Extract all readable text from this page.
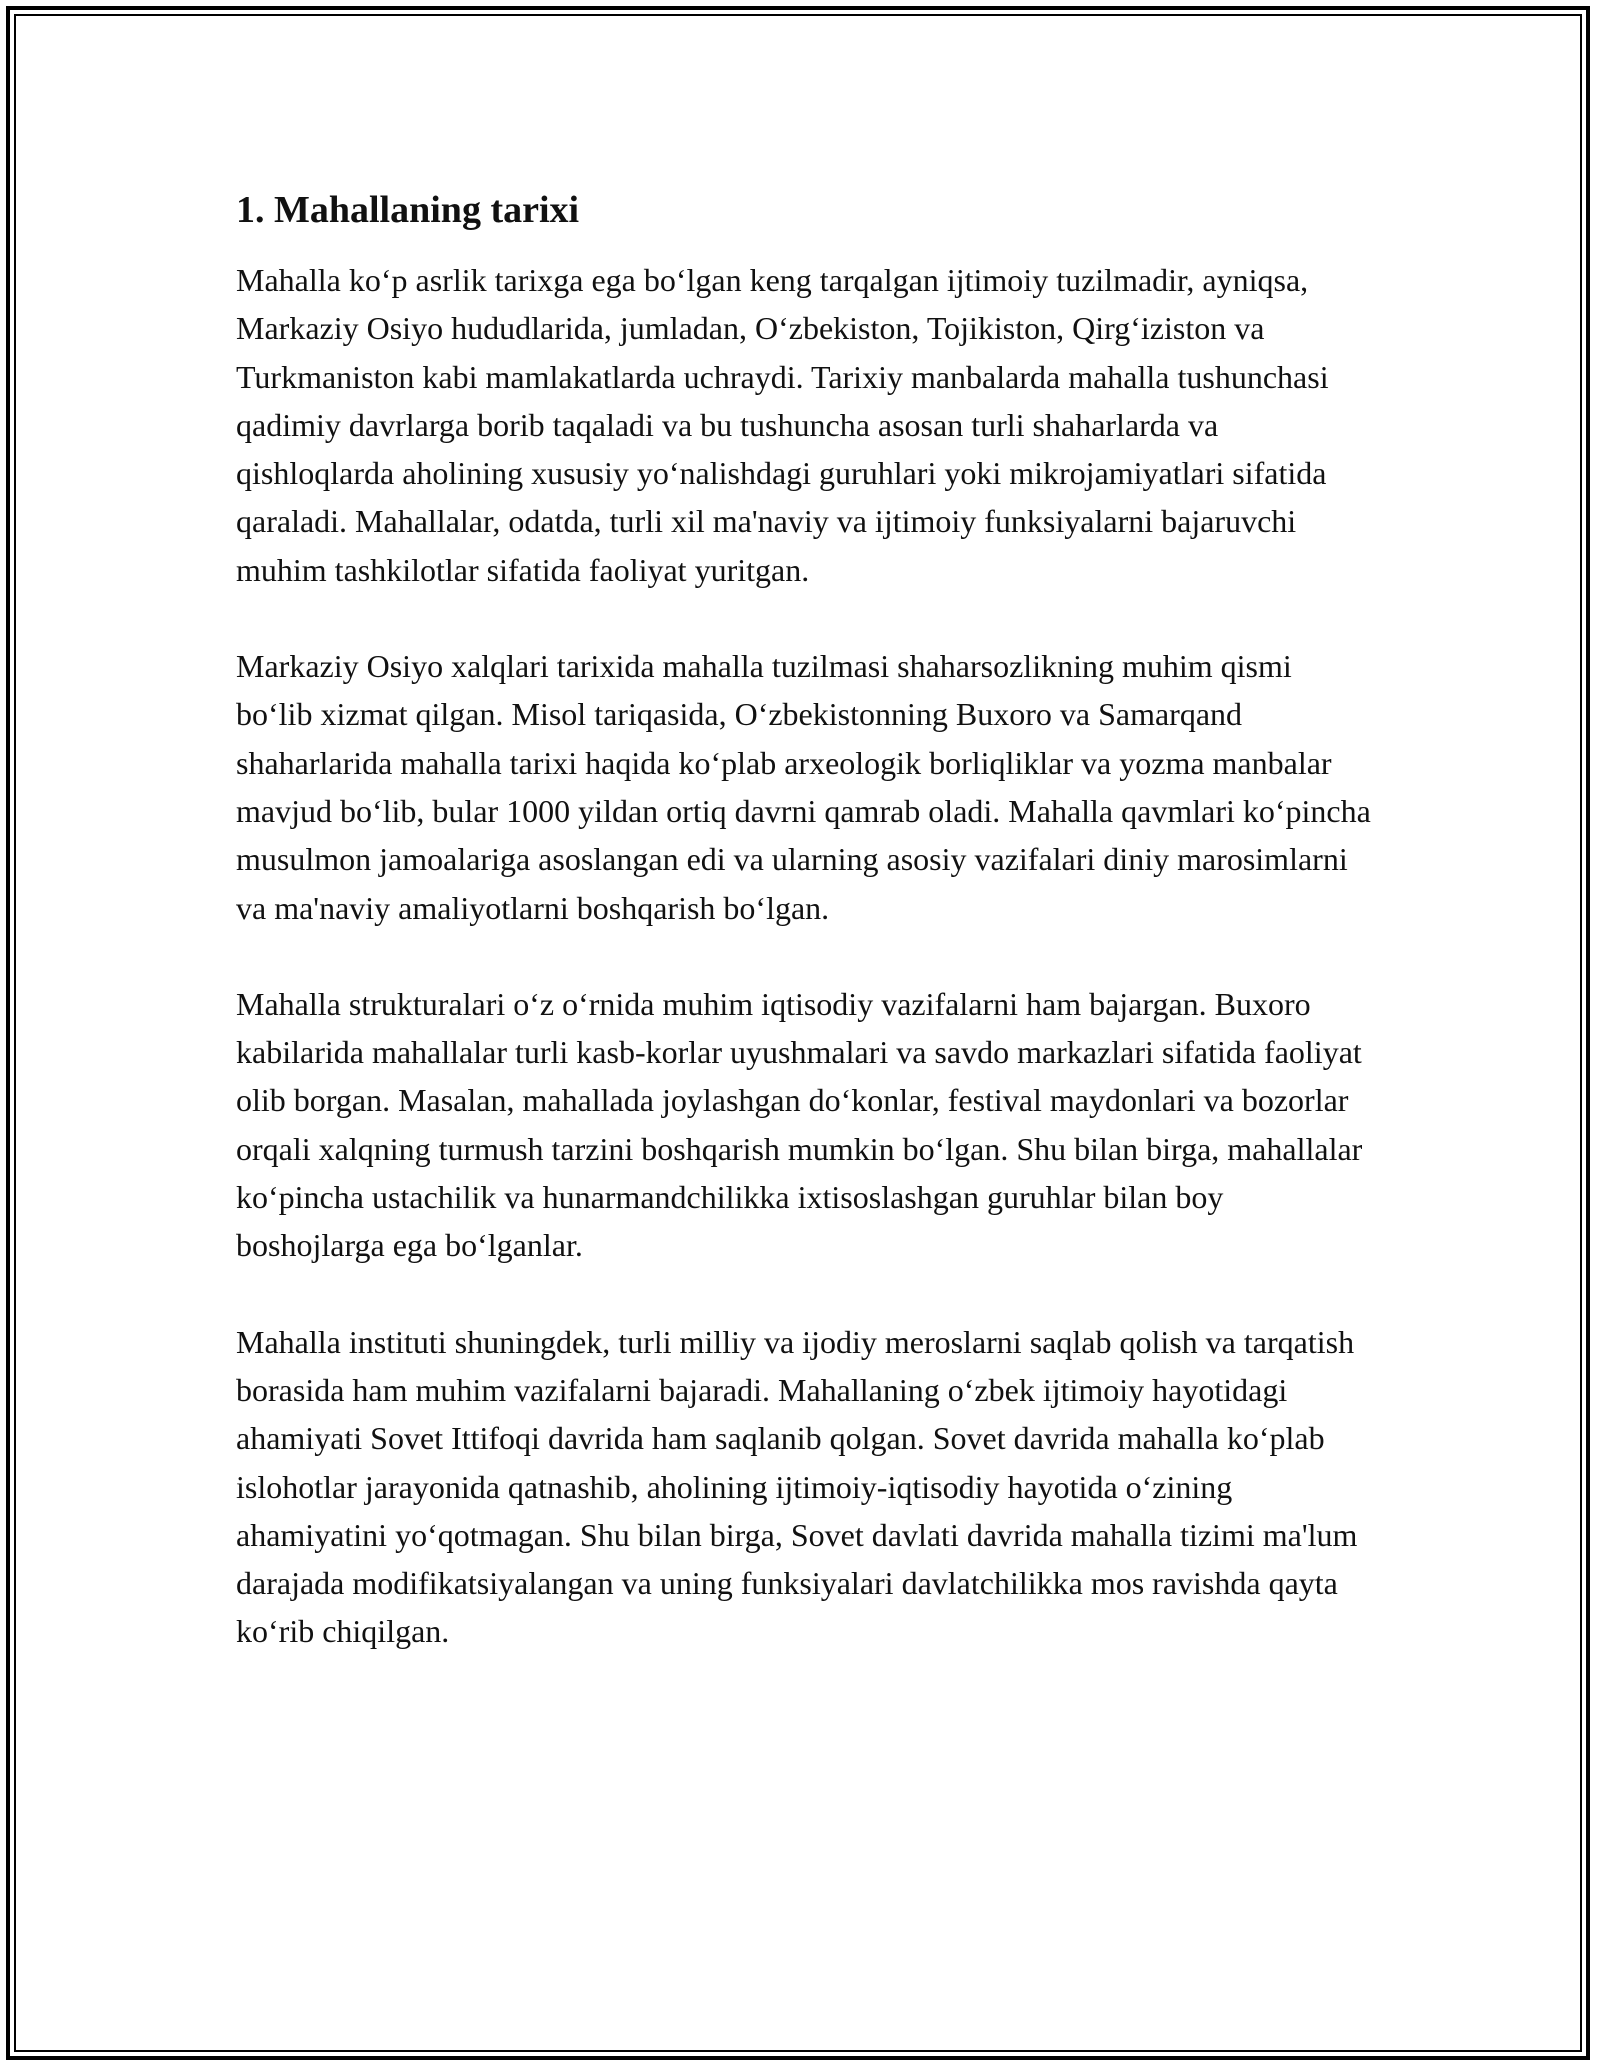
1. Mahallaning tarixi

Mahalla koʻp asrlik tarixga ega boʻlgan keng tarqalgan ijtimoiy tuzilmadir, ayniqsa, Markaziy Osiyo hududlarida, jumladan, Oʻzbekiston, Tojikiston, Qirgʻiziston va Turkmaniston kabi mamlakatlarda uchraydi. Tarixiy manbalarda mahalla tushunchasi qadimiy davrlarga borib taqaladi va bu tushuncha asosan turli shaharlarda va qishloqlarda aholining xususiy yoʻnalishdagi guruhlari yoki mikrojamiyatlari sifatida qaraladi. Mahallalar, odatda, turli xil ma'naviy va ijtimoiy funksiyalarni bajaruvchi muhim tashkilotlar sifatida faoliyat yuritgan.

Markaziy Osiyo xalqlari tarixida mahalla tuzilmasi shaharsozlikning muhim qismi boʻlib xizmat qilgan. Misol tariqasida, Oʻzbekistonning Buxoro va Samarqand shaharlarida mahalla tarixi haqida koʻplab arxeologik borliqliklar va yozma manbalar mavjud boʻlib, bular 1000 yildan ortiq davrni qamrab oladi. Mahalla qavmlari koʻpincha musulmon jamoalariga asoslangan edi va ularning asosiy vazifalari diniy marosimlarni va ma'naviy amaliyotlarni boshqarish boʻlgan.

Mahalla strukturalari oʻz oʻrnida muhim iqtisodiy vazifalarni ham bajargan. Buxoro kabilarida mahallalar turli kasb-korlar uyushmalari va savdo markazlari sifatida faoliyat olib borgan. Masalan, mahallada joylashgan doʻkonlar, festival maydonlari va bozorlar orqali xalqning turmush tarzini boshqarish mumkin boʻlgan. Shu bilan birga, mahallalar koʻpincha ustachilik va hunarmandchilikka ixtisoslashgan guruhlar bilan boy boshojlarga ega boʻlganlar.

Mahalla instituti shuningdek, turli milliy va ijodiy meroslarni saqlab qolish va tarqatish borasida ham muhim vazifalarni bajaradi. Mahallaning oʻzbek ijtimoiy hayotidagi ahamiyati Sovet Ittifoqi davrida ham saqlanib qolgan. Sovet davrida mahalla koʻplab islohotlar jarayonida qatnashib, aholining ijtimoiy-iqtisodiy hayotida oʻzining ahamiyatini yoʻqotmagan. Shu bilan birga, Sovet davlati davrida mahalla tizimi ma'lum darajada modifikatsiyalangan va uning funksiyalari davlatchilikka mos ravishda qayta koʻrib chiqilgan.
